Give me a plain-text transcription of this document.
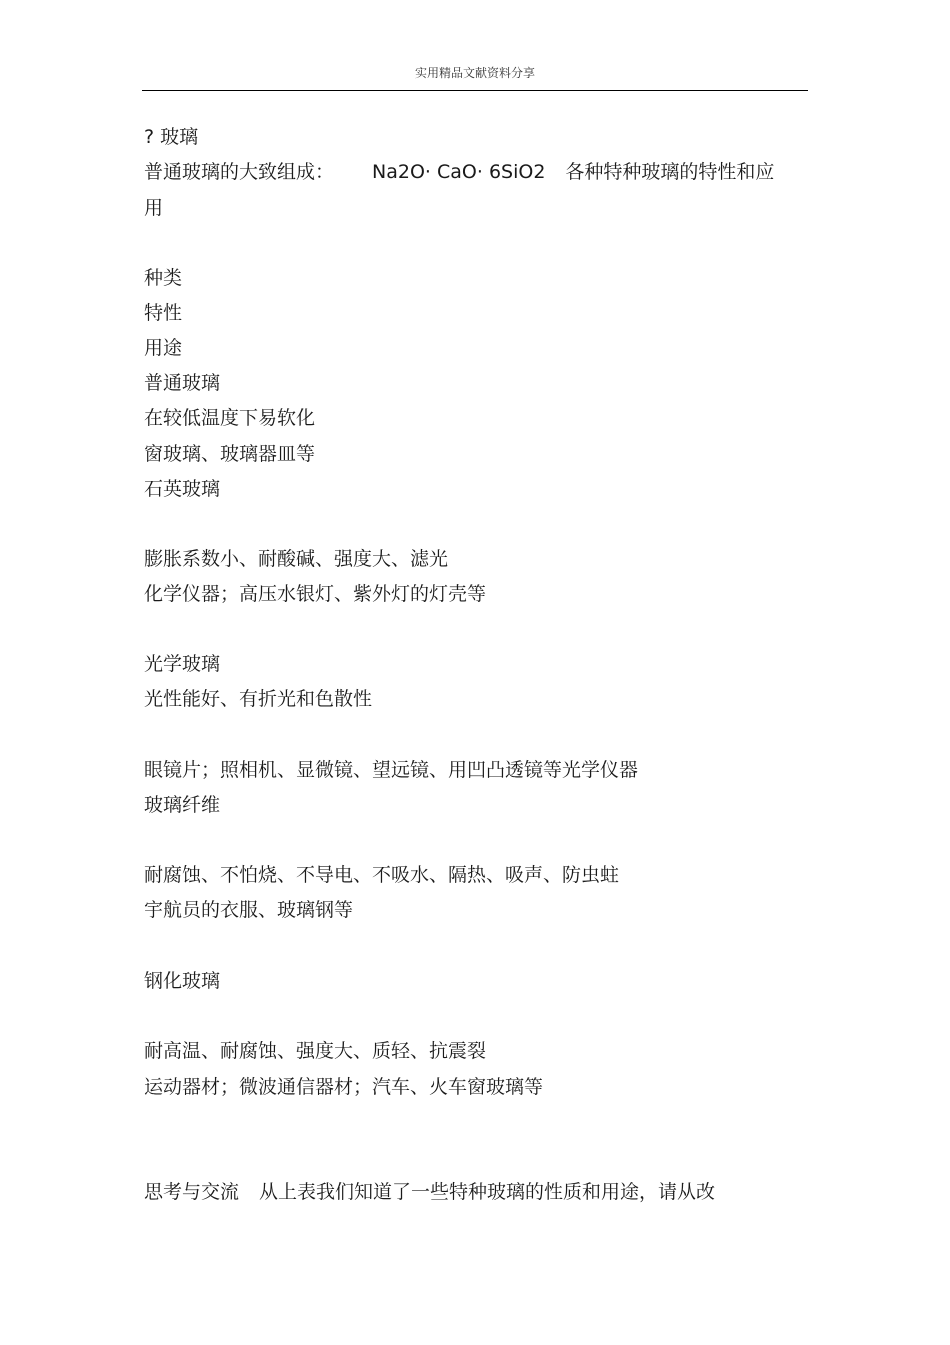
实用精品文献资料分享
? 玻璃
普通玻璃的大致组成： Na2O· CaO· 6SiO2 各种特种玻璃的特性和应
用
种类
特性
用途
普通玻璃
在较低温度下易软化
窗玻璃、玻璃器皿等
石英玻璃
膨胀系数小、耐酸碱、强度大、滤光
化学仪器；高压水银灯、紫外灯的灯壳等
光学玻璃
光性能好、有折光和色散性
眼镜片；照相机、显微镜、望远镜、用凹凸透镜等光学仪器
玻璃纤维
耐腐蚀、不怕烧、不导电、不吸水、隔热、吸声、防虫蛀
宇航员的衣服、玻璃钢等
钢化玻璃
耐高温、耐腐蚀、强度大、质轻、抗震裂
运动器材；微波通信器材；汽车、火车窗玻璃等
思考与交流 从上表我们知道了一些特种玻璃的性质和用途，请从改
